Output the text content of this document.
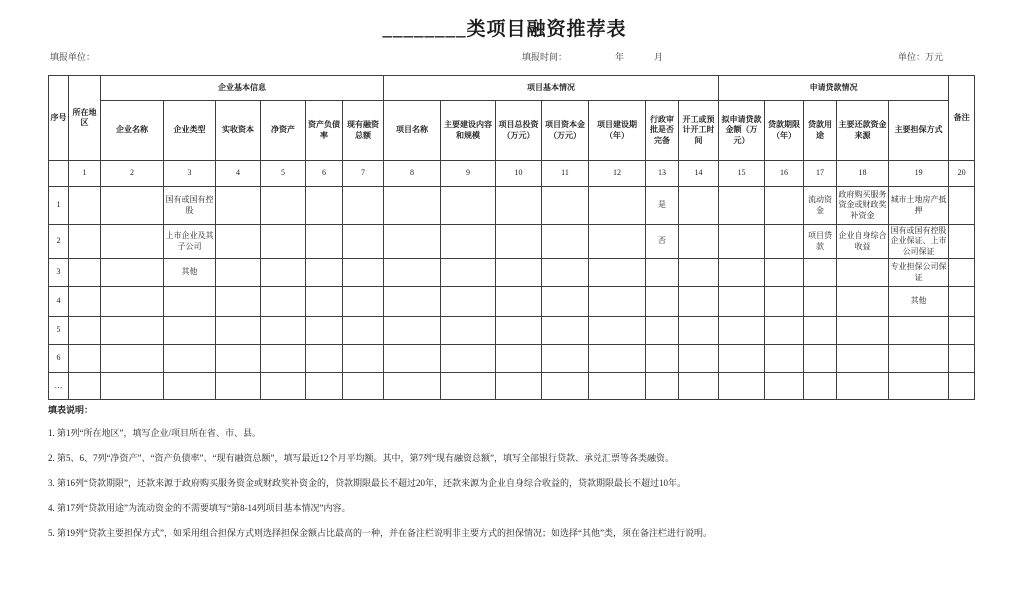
________类项目融资推荐表
填报单位：	填报时间：	年	月	单位：万元
序号	所在地区	企业基本信息						项目基本情况							申请贷款情况					备注
		企业名称	企业类型	实收资本	净资产	资产负债率	现有融资总额	项目名称	主要建设内容和规模	项目总投资（万元）	项目资本金（万元）	项目建设期（年）	行政审批是否完备	开工或预计开工时间	拟申请贷款金额（万元）	贷款期限（年）	贷款用途	主要还款资金来源	主要担保方式	
	1	2	3	4	5	6	7	8	9	10	11	12	13	14	15	16	17	18	19	20
1			国有或国有控股										是				流动资金	政府购买服务资金或财政奖补资金	城市土地房产抵押	
2			上市企业及其子公司										否				项目贷款	企业自身综合收益	国有或国有控股企业保证、上市公司保证	
3			其他																专业担保公司保证	
4																			其他	
5																				
6																				
…																				
填表说明：
1. 第1列“所在地区”，填写企业/项目所在省、市、县。
2. 第5、6、7列“净资产”、“资产负债率”、“现有融资总额”，填写最近12个月平均额。其中，第7列“现有融资总额”，填写全部银行贷款、承兑汇票等各类融资。
3. 第16列“贷款期限”，还款来源于政府购买服务资金或财政奖补资金的，贷款期限最长不超过20年，还款来源为企业自身综合收益的，贷款期限最长不超过10年。
4. 第17列“贷款用途”为流动资金的不需要填写“第8-14列项目基本情况”内容。
5. 第19列“贷款主要担保方式”，如采用组合担保方式则选择担保金额占比最高的一种，并在备注栏说明非主要方式的担保情况；如选择“其他”类，须在备注栏进行说明。
